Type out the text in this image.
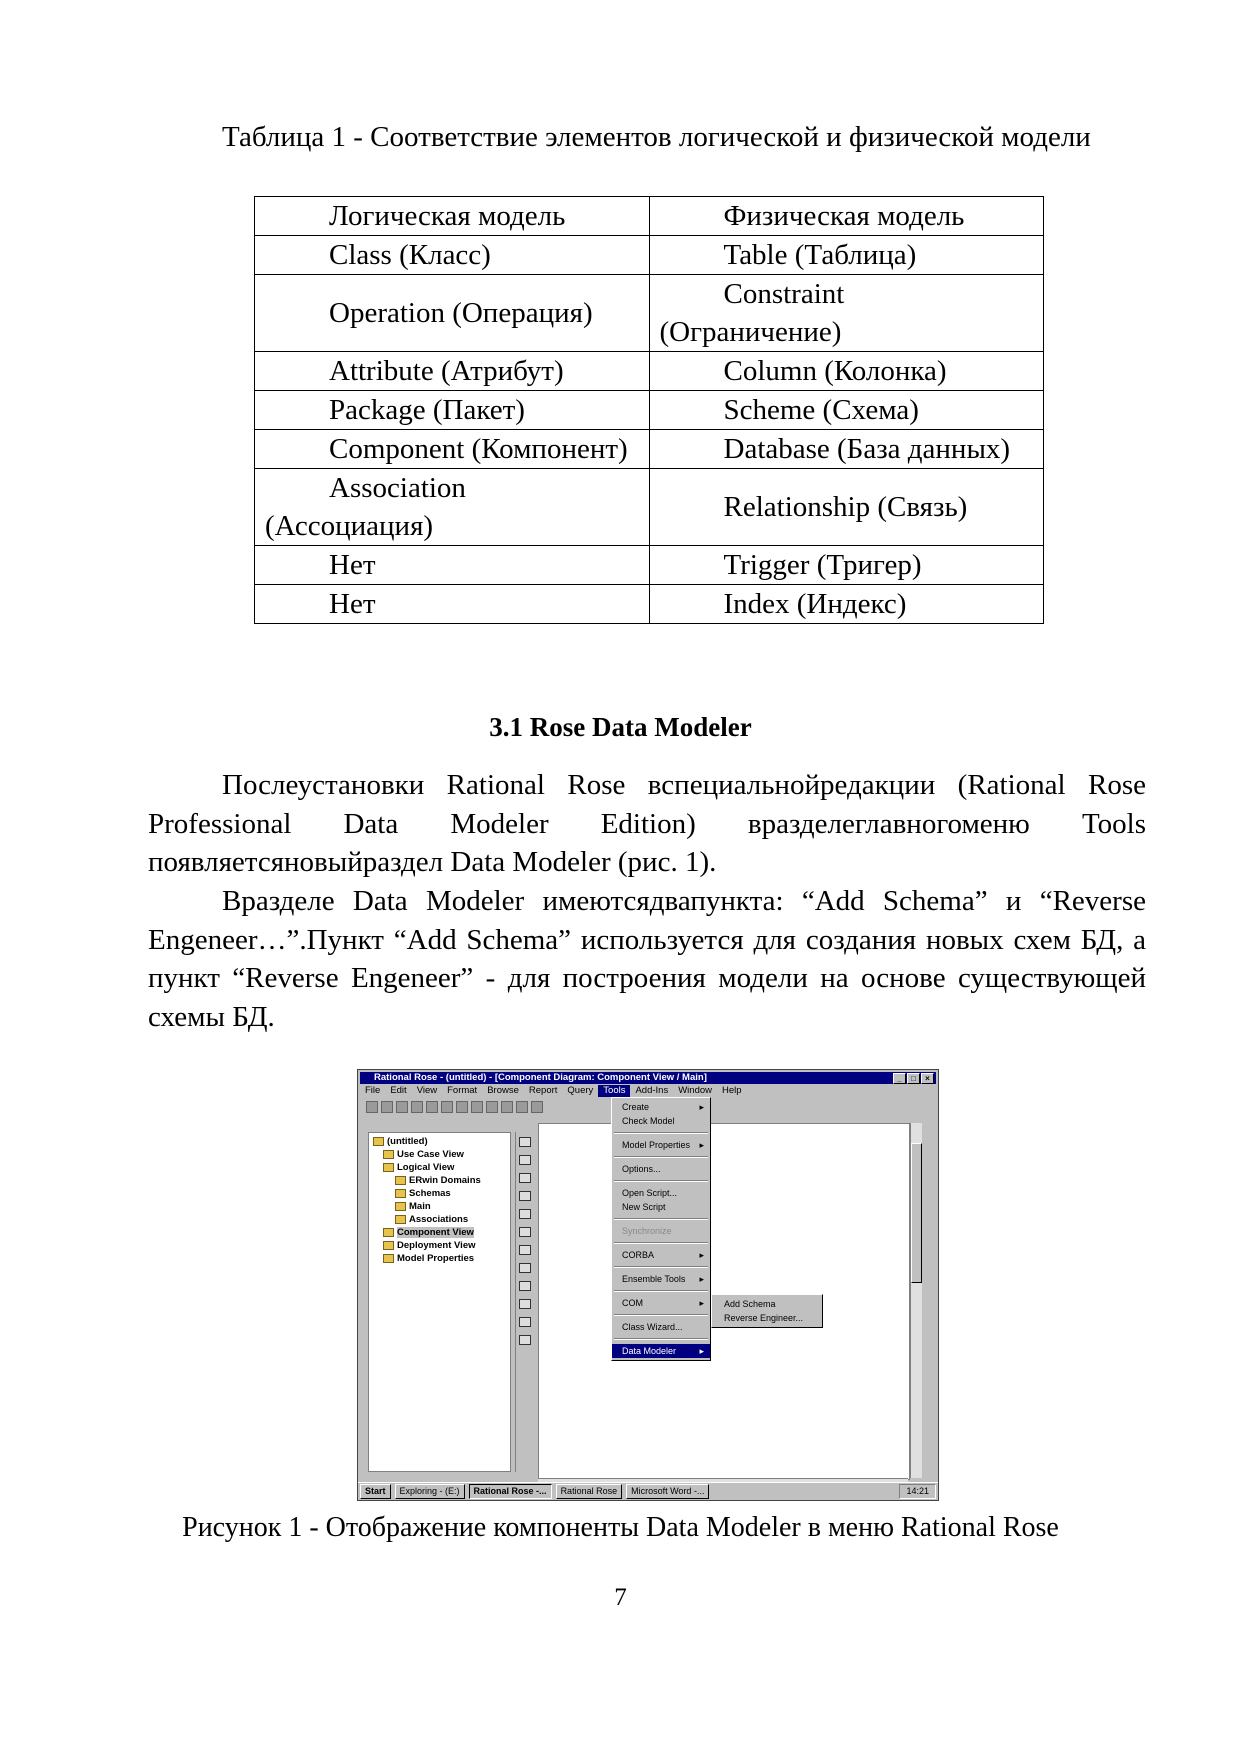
Таблица 1 - Соответствие элементов логической и физической модели
Логическая модель	Физическая модель
Class (Класс)	Table (Таблица)
Operation (Операция)	Constraint (Ограничение)
Attribute (Атрибут)	Column (Колонка)
Package (Пакет)	Scheme (Схема)
Component (Компонент)	Database (База данных)
Association (Ассоциация)	Relationship (Связь)
Нет	Trigger (Тригер)
Нет	Index (Индекс)
3.1 Rose Data Modeler

Послеустановки Rational Rose вспециальнойредакции (Rational Rose Professional Data Modeler Edition) вразделеглавногоменю Tools появляетсяновыйраздел Data Modeler (рис. 1).

Вразделе Data Modeler имеютсядвапункта: “Add Schema” и “Reverse Engeneer…”.Пункт “Add Schema” используется для создания новых схем БД, а пункт “Reverse Engeneer” - для построения модели на основе существующей схемы БД.

Rational Rose - (untitled) - [Component Diagram: Component View / Main]	_	□	×
File	Edit	View	Format	Browse	Report	Query	Tools	Add-Ins	Window	Help
(untitled)
Use Case View
Logical View
ERwin Domains
Schemas
Main
Associations
Component View
Deployment View
Model Properties
Create	▸
Check Model
Model Properties ▸
Options...
Open Script...
New Script
Synchronize
CORBA	▸
Ensemble Tools ▸
COM	▸
Class Wizard...
Data Modeler	▸
Add Schema
Reverse Engineer...
Start	Exploring - (E:)	Rational Rose -...	Rational Rose	Microsoft Word -...	14:21
Рисунок 1 - Отображение компоненты Data Modeler в меню Rational Rose
7
